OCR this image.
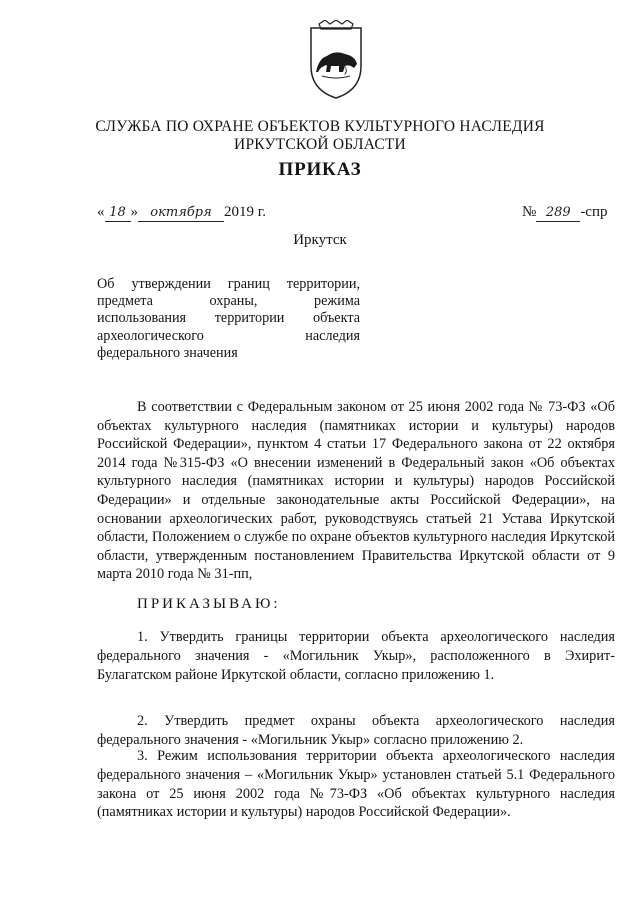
СЛУЖБА ПО ОХРАНЕ ОБЪЕКТОВ КУЛЬТУРНОГО НАСЛЕДИЯ
ИРКУТСКОЙ ОБЛАСТИ
ПРИКАЗ
« 18 » октября 2019 г.	№ 289 -спр
Иркутск
Об утверждении границ территории,
предмета охраны, режима
использования территории объекта
археологического наследия
федерального значения
В соответствии с Федеральным законом от 25 июня 2002 года № 73-ФЗ «Об объектах культурного наследия (памятниках истории и культуры) народов Российской Федерации», пунктом 4 статьи 17 Федерального закона от 22 октября 2014 года №315-ФЗ «О внесении изменений в Федеральный закон «Об объектах культурного наследия (памятниках истории и культуры) народов Российской Федерации» и отдельные законодательные акты Российской Федерации», на основании археологических работ, руководствуясь статьей 21 Устава Иркутской области, Положением о службе по охране объектов культурного наследия Иркутской области, утвержденным постановлением Правительства Иркутской области от 9 марта 2010 года № 31-пп,
ПРИКАЗЫВАЮ:
1. Утвердить границы территории объекта археологического наследия федерального значения - «Могильник Укыр», расположенного в Эхирит-Булагатском районе Иркутской области, согласно приложению 1.
2. Утвердить предмет охраны объекта археологического наследия федерального значения - «Могильник Укыр» согласно приложению 2.
3. Режим использования территории объекта археологического наследия федерального значения – «Могильник Укыр» установлен статьей 5.1 Федерального закона от 25 июня 2002 года №73-ФЗ «Об объектах культурного наследия (памятниках истории и культуры) народов Российской Федерации».
